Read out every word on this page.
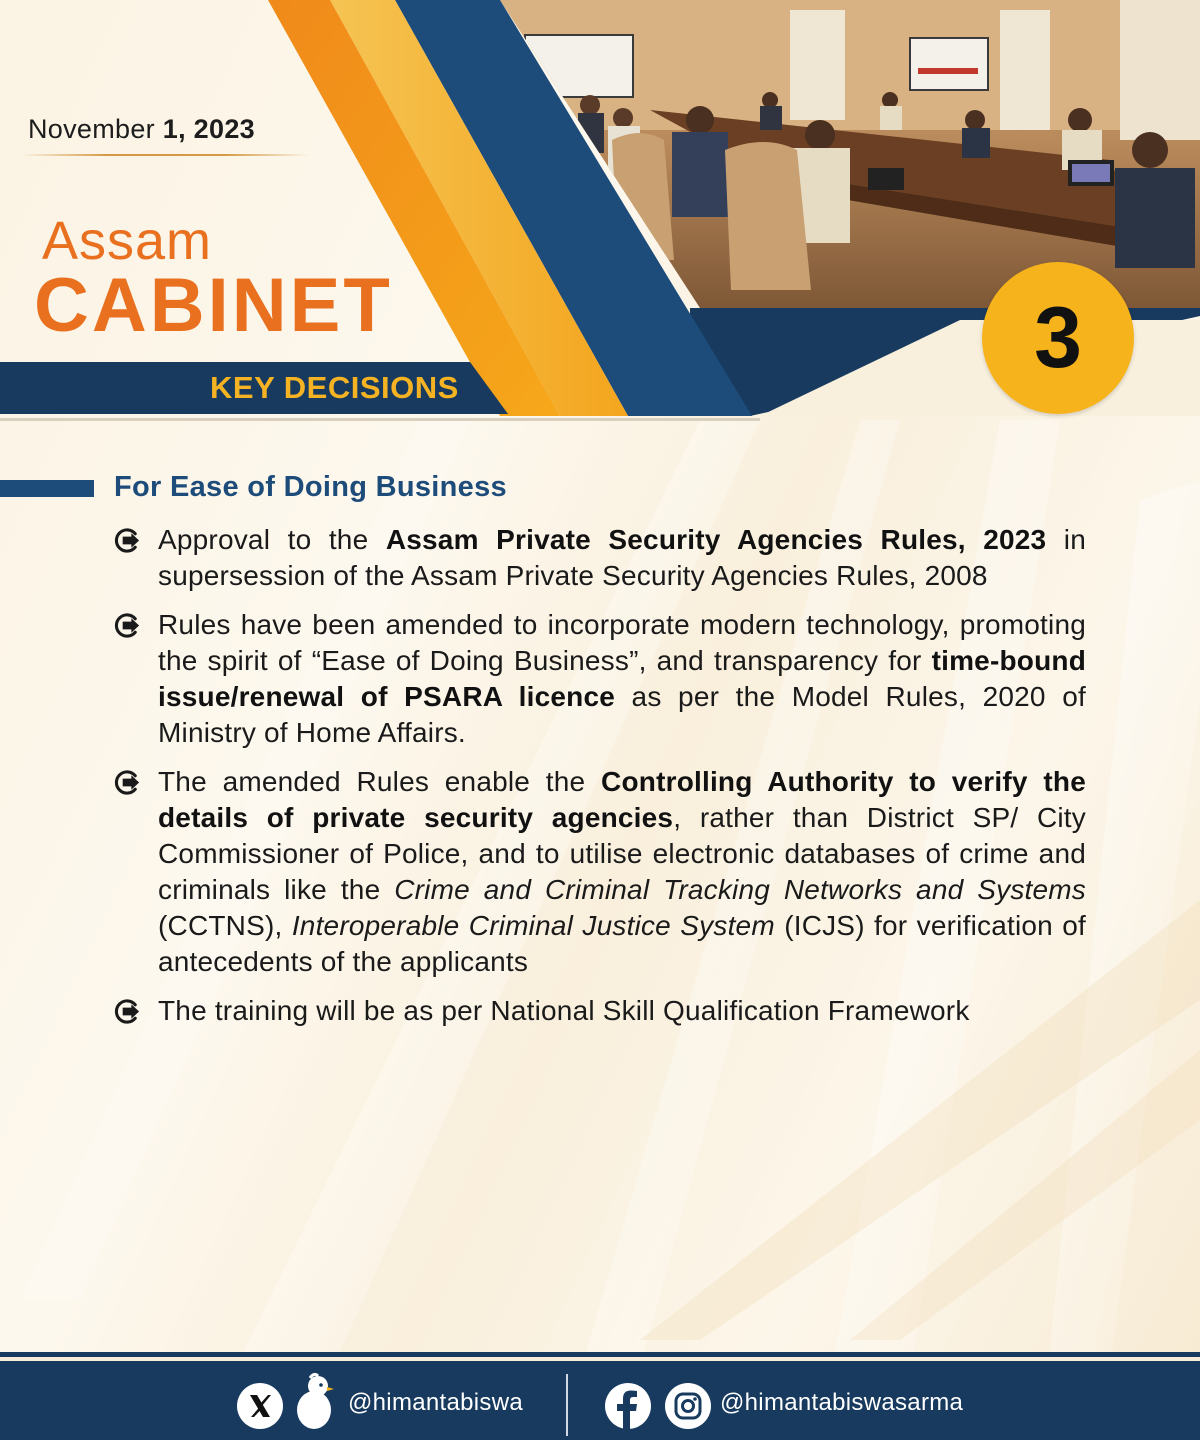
November 1, 2023
Assam
CABINET
KEY DECISIONS
3
For Ease of Doing Business
Approval to the Assam Private Security Agencies Rules, 2023 in supersession of the Assam Private Security Agencies Rules, 2008
Rules have been amended to incorporate modern technology, promoting the spirit of “Ease of Doing Business”, and transparency for time-bound issue/renewal of PSARA licence as per the Model Rules, 2020 of Ministry of Home Affairs.
The amended Rules enable the Controlling Authority to verify the details of private security agencies, rather than District SP/ City Commissioner of Police, and to utilise electronic databases of crime and criminals like the Crime and Criminal Tracking Networks and Systems (CCTNS), Interoperable Criminal Justice System (ICJS) for verification of antecedents of the applicants
The training will be as per National Skill Qualification Framework
@himantabiswa	@himantabiswasarma
